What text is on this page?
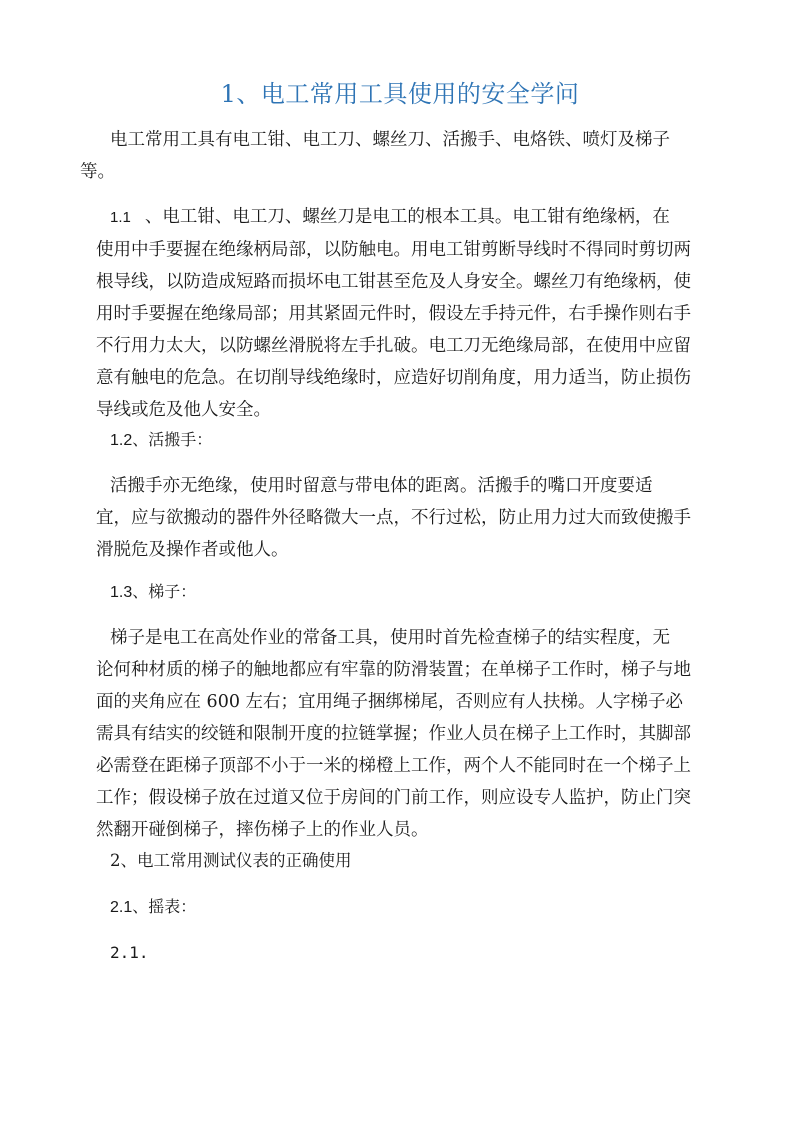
1、电工常用工具使用的安全学问

电工常用工具有电工钳、电工刀、螺丝刀、活搬手、电烙铁、喷灯及梯子
等。

1.1 、电工钳、电工刀、螺丝刀是电工的根本工具。电工钳有绝缘柄，在
使用中手要握在绝缘柄局部，以防触电。用电工钳剪断导线时不得同时剪切两
根导线，以防造成短路而损坏电工钳甚至危及人身安全。螺丝刀有绝缘柄，使
用时手要握在绝缘局部；用其紧固元件时，假设左手持元件，右手操作则右手
不行用力太大，以防螺丝滑脱将左手扎破。电工刀无绝缘局部，在使用中应留
意有触电的危急。在切削导线绝缘时，应造好切削角度，用力适当，防止损伤
导线或危及他人安全。

1.2、活搬手：

活搬手亦无绝缘，使用时留意与带电体的距离。活搬手的嘴口开度要适
宜，应与欲搬动的器件外径略微大一点，不行过松，防止用力过大而致使搬手
滑脱危及操作者或他人。

1.3、梯子：

梯子是电工在高处作业的常备工具，使用时首先检查梯子的结实程度，无
论何种材质的梯子的触地都应有牢靠的防滑装置；在单梯子工作时，梯子与地
面的夹角应在 600 左右；宜用绳子捆绑梯尾，否则应有人扶梯。人字梯子必
需具有结实的绞链和限制开度的拉链掌握；作业人员在梯子上工作时，其脚部
必需登在距梯子顶部不小于一米的梯橙上工作，两个人不能同时在一个梯子上
工作；假设梯子放在过道又位于房间的门前工作，则应设专人监护，防止门突
然翻开碰倒梯子，摔伤梯子上的作业人员。

2、电工常用测试仪表的正确使用

2.1、摇表：

2.1.
